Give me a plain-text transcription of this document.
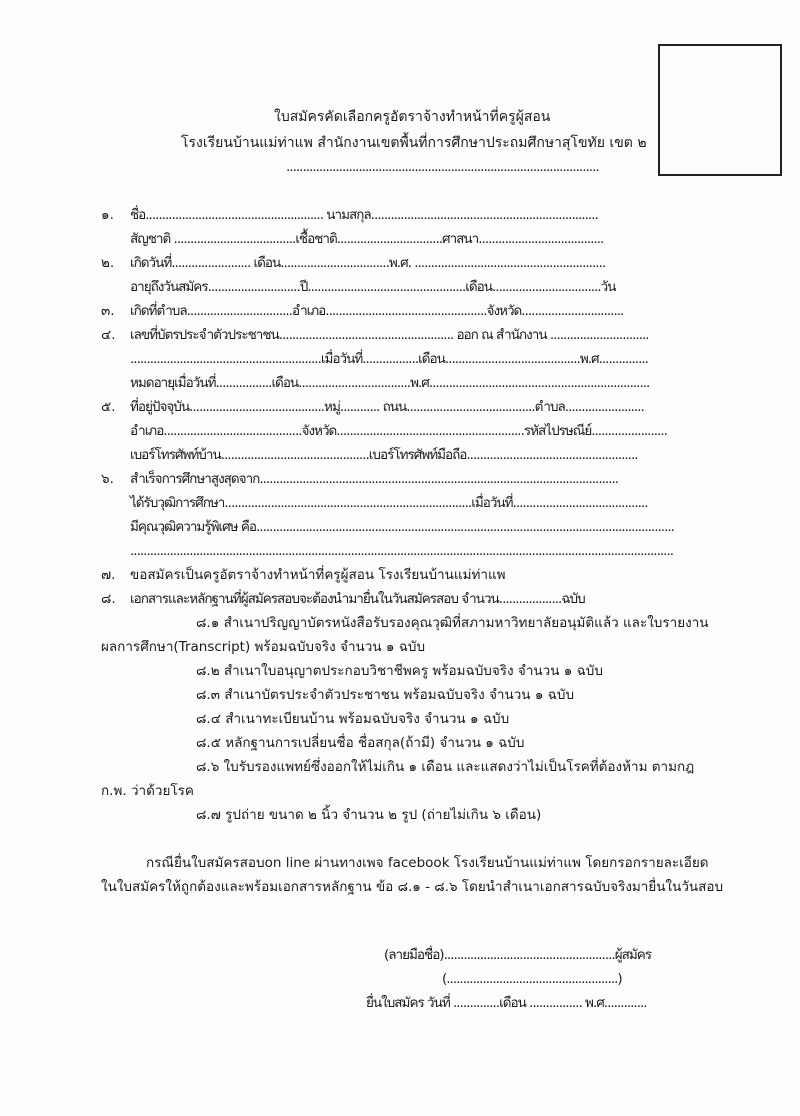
ใบสมัครคัดเลือกครูอัตราจ้างทำหน้าที่ครูผู้สอน
โรงเรียนบ้านแม่ท่าแพ สำนักงานเขตพื้นที่การศึกษาประถมศึกษาสุโขทัย เขต ๒
...............................................................................................
๑. ชื่อ...................................................... นามสกุล.....................................................................
สัญชาติ .....................................เชื้อชาติ................................ศาสนา......................................
๒. เกิดวันที่........................ เดือน.................................พ.ศ. ..........................................................
อายุถึงวันสมัคร............................ปี................................................เดือน.................................วัน
๓. เกิดที่ตำบล................................อำเภอ.................................................จังหวัด...............................
๔. เลขที่บัตรประจำตัวประชาชน..................................................... ออก ณ สำนักงาน ..............................
..........................................................เมื่อวันที่.................เดือน.........................................พ.ศ...............
หมดอายุเมื่อวันที่.................เดือน..................................พ.ศ...................................................................
๕. ที่อยู่ปัจจุบัน.........................................หมู่............ ถนน.......................................ตำบล........................
อำเภอ..........................................จังหวัด.........................................................รหัสไปรษณีย์.......................
เบอร์โทรศัพท์บ้าน.............................................เบอร์โทรศัพท์มือถือ....................................................
๖. สำเร็จการศึกษาสูงสุดจาก.............................................................................................................
ได้รับวุฒิการศึกษา...........................................................................เมื่อวันที่.........................................
มีคุณวุฒิความรู้พิเศษ คือ...............................................................................................................................
.....................................................................................................................................................................
๗. ขอสมัครเป็นครูอัตราจ้างทำหน้าที่ครูผู้สอน โรงเรียนบ้านแม่ท่าแพ
๘. เอกสารและหลักฐานที่ผู้สมัครสอบจะต้องนำมายื่นในวันสมัครสอบ จำนวน...................ฉบับ
๘.๑ สำเนาปริญญาบัตรหนังสือรับรองคุณวุฒิที่สภามหาวิทยาลัยอนุมัติแล้ว และใบรายงาน
ผลการศึกษา(Transcript) พร้อมฉบับจริง จำนวน ๑ ฉบับ
๘.๒ สำเนาใบอนุญาตประกอบวิชาชีพครู พร้อมฉบับจริง จำนวน ๑ ฉบับ
๘.๓ สำเนาบัตรประจำตัวประชาชน พร้อมฉบับจริง จำนวน ๑ ฉบับ
๘.๔ สำเนาทะเบียนบ้าน พร้อมฉบับจริง จำนวน ๑ ฉบับ
๘.๕ หลักฐานการเปลี่ยนชื่อ ชื่อสกุล(ถ้ามี) จำนวน ๑ ฉบับ
๘.๖ ใบรับรองแพทย์ซึ่งออกให้ไม่เกิน ๑ เดือน และแสดงว่าไม่เป็นโรคที่ต้องห้าม ตามกฎ
ก.พ. ว่าด้วยโรค
๘.๗ รูปถ่าย ขนาด ๒ นิ้ว จำนวน ๒ รูป (ถ่ายไม่เกิน ๖ เดือน)
กรณียื่นใบสมัครสอบon line ผ่านทางเพจ facebook โรงเรียนบ้านแม่ท่าแพ โดยกรอกรายละเอียด
ในใบสมัครให้ถูกต้องและพร้อมเอกสารหลักฐาน ข้อ ๘.๑ - ๘.๖ โดยนำสำเนาเอกสารฉบับจริงมายื่นในวันสอบ
(ลายมือชื่อ)....................................................ผู้สมัคร
(....................................................)
ยื่นใบสมัคร วันที่ ..............เดือน ................ พ.ศ.............
